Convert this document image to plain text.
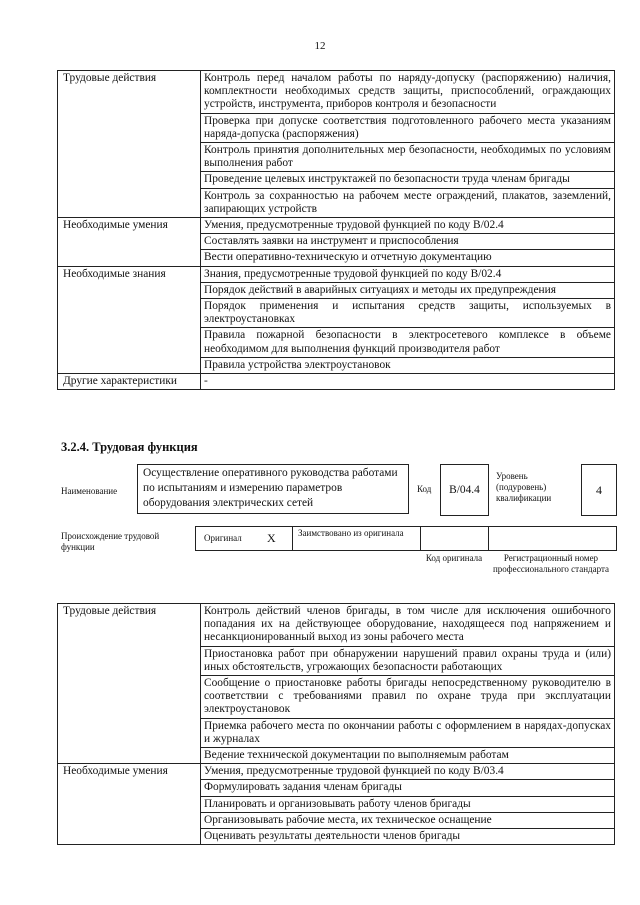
12
Трудовые действия	Контроль перед началом работы по наряду-допуску (распоряжению) наличия, комплектности необходимых средств защиты, приспособлений, ограждающих устройств, инструмента, приборов контроля и безопасности
	Проверка при допуске соответствия подготовленного рабочего места указаниям наряда-допуска (распоряжения)
	Контроль принятия дополнительных мер безопасности, необходимых по условиям выполнения работ
	Проведение целевых инструктажей по безопасности труда членам бригады
	Контроль за сохранностью на рабочем месте ограждений, плакатов, заземлений, запирающих устройств
Необходимые умения	Умения, предусмотренные трудовой функцией по коду B/02.4
	Составлять заявки на инструмент и приспособления
	Вести оперативно-техническую и отчетную документацию
Необходимые знания	Знания, предусмотренные трудовой функцией по коду B/02.4
	Порядок действий в аварийных ситуациях и методы их предупреждения
	Порядок применения и испытания средств защиты, используемых в электроустановках
	Правила пожарной безопасности в электросетевого комплексе в объеме необходимом для выполнения функций производителя работ
	Правила устройства электроустановок
Другие характеристики	-
3.2.4. Трудовая функция
Наименование
Осуществление оперативного руководства работами по испытаниям и измерению параметров оборудования электрических сетей
Код	B/04.4
Уровень (подуровень) квалификации
4
Происхождение трудовой функции
Оригинал X Заимствовано из оригинала
Код оригинала	Регистрационный номер профессионального стандарта
Трудовые действия	Контроль действий членов бригады, в том числе для исключения ошибочного попадания их на действующее оборудование, находящееся под напряжением и несанкционированный выход из зоны рабочего места
	Приостановка работ при обнаружении нарушений правил охраны труда и (или) иных обстоятельств, угрожающих безопасности работающих
	Сообщение о приостановке работы бригады непосредственному руководителю в соответствии с требованиями правил по охране труда при эксплуатации электроустановок
	Приемка рабочего места по окончании работы с оформлением в нарядах-допусках и журналах
	Ведение технической документации по выполняемым работам
Необходимые умения	Умения, предусмотренные трудовой функцией по коду B/03.4
	Формулировать задания членам бригады
	Планировать и организовывать работу членов бригады
	Организовывать рабочие места, их техническое оснащение
	Оценивать результаты деятельности членов бригады
